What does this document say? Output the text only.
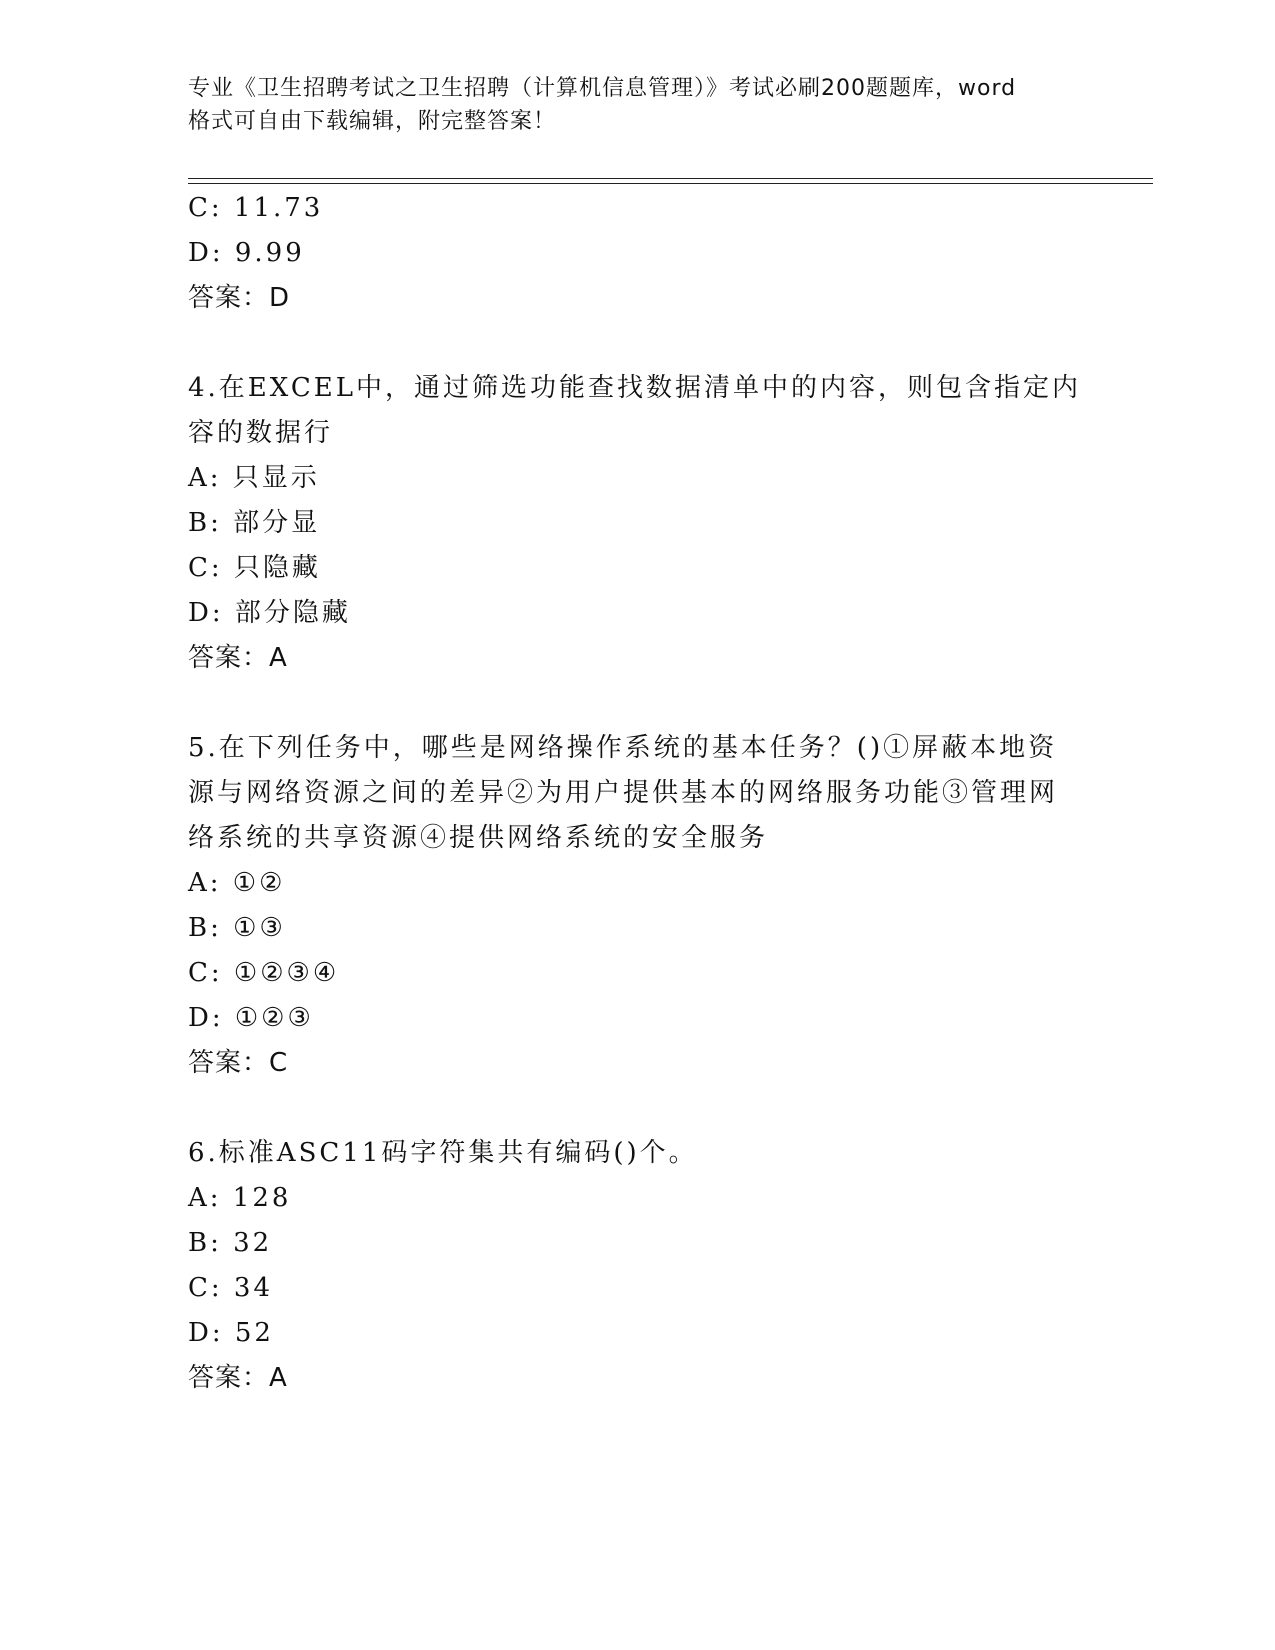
专业《卫生招聘考试之卫生招聘（计算机信息管理）》考试必刷200题题库，word
格式可自由下载编辑，附完整答案！
C: 11.73
D: 9.99
答案：D
4.在EXCEL中，通过筛选功能查找数据清单中的内容，则包含指定内
容的数据行
A: 只显示
B: 部分显
C: 只隐藏
D: 部分隐藏
答案：A
5.在下列任务中，哪些是网络操作系统的基本任务？()①屏蔽本地资
源与网络资源之间的差异②为用户提供基本的网络服务功能③管理网
络系统的共享资源④提供网络系统的安全服务
A: ①②
B: ①③
C: ①②③④
D: ①②③
答案：C
6.标准ASC11码字符集共有编码()个。
A: 128
B: 32
C: 34
D: 52
答案：A
